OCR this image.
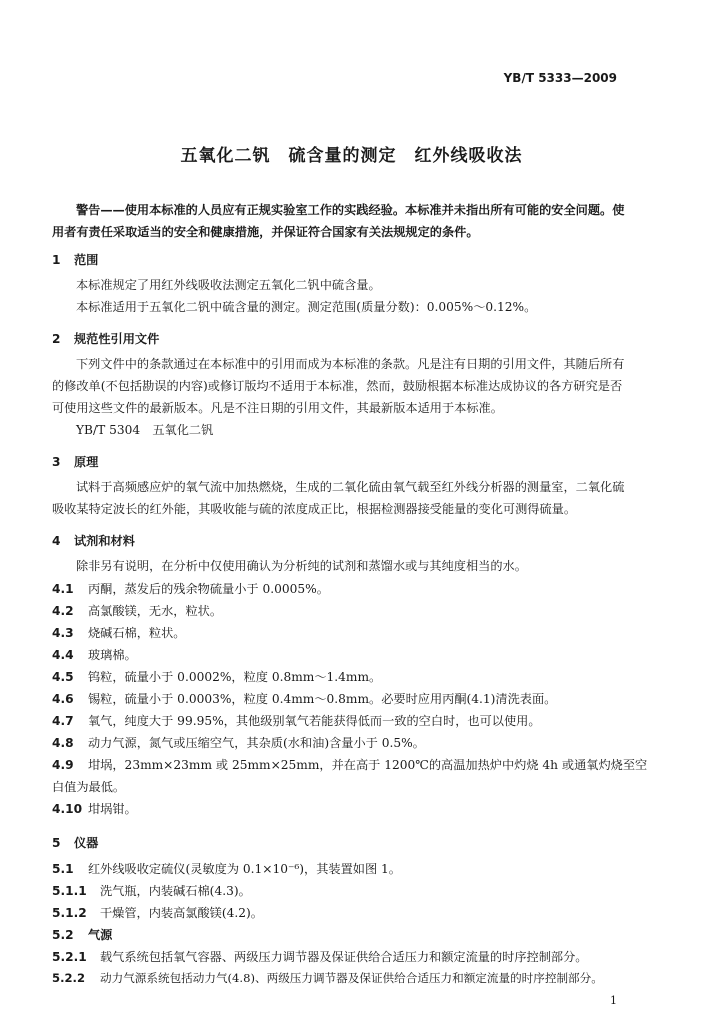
YB/T 5333—2009
五氧化二钒　硫含量的测定　红外线吸收法
警告——使用本标准的人员应有正规实验室工作的实践经验。本标准并未指出所有可能的安全问题。使用者有责任采取适当的安全和健康措施，并保证符合国家有关法规规定的条件。
1 范围
本标准规定了用红外线吸收法测定五氧化二钒中硫含量。
本标准适用于五氧化二钒中硫含量的测定。测定范围(质量分数)：0.005%～0.12%。
2 规范性引用文件
下列文件中的条款通过在本标准中的引用而成为本标准的条款。凡是注有日期的引用文件，其随后所有的修改单(不包括勘误的内容)或修订版均不适用于本标准，然而，鼓励根据本标准达成协议的各方研究是否可使用这些文件的最新版本。凡是不注日期的引用文件，其最新版本适用于本标准。
YB/T 5304　五氧化二钒
3 原理
试料于高频感应炉的氧气流中加热燃烧，生成的二氧化硫由氧气载至红外线分析器的测量室，二氧化硫吸收某特定波长的红外能，其吸收能与硫的浓度成正比，根据检测器接受能量的变化可测得硫量。
4 试剂和材料
除非另有说明，在分析中仅使用确认为分析纯的试剂和蒸馏水或与其纯度相当的水。
4.1 丙酮，蒸发后的残余物硫量小于 0.0005%。
4.2 高氯酸镁，无水，粒状。
4.3 烧碱石棉，粒状。
4.4 玻璃棉。
4.5 钨粒，硫量小于 0.0002%，粒度 0.8mm～1.4mm。
4.6 锡粒，硫量小于 0.0003%，粒度 0.4mm～0.8mm。必要时应用丙酮(4.1)清洗表面。
4.7 氧气，纯度大于 99.95%，其他级别氧气若能获得低而一致的空白时，也可以使用。
4.8 动力气源，氮气或压缩空气，其杂质(水和油)含量小于 0.5%。
4.9 坩埚，23mm×23mm 或 25mm×25mm，并在高于 1200℃的高温加热炉中灼烧 4h 或通氧灼烧至空
白值为最低。
4.10 坩埚钳。
5 仪器
5.1 红外线吸收定硫仪(灵敏度为 0.1×10⁻⁶)，其装置如图 1。
5.1.1 洗气瓶，内装碱石棉(4.3)。
5.1.2 干燥管，内装高氯酸镁(4.2)。
5.2 气源
5.2.1 载气系统包括氧气容器、两级压力调节器及保证供给合适压力和额定流量的时序控制部分。
5.2.2 动力气源系统包括动力气(4.8)、两级压力调节器及保证供给合适压力和额定流量的时序控制部分。
1
